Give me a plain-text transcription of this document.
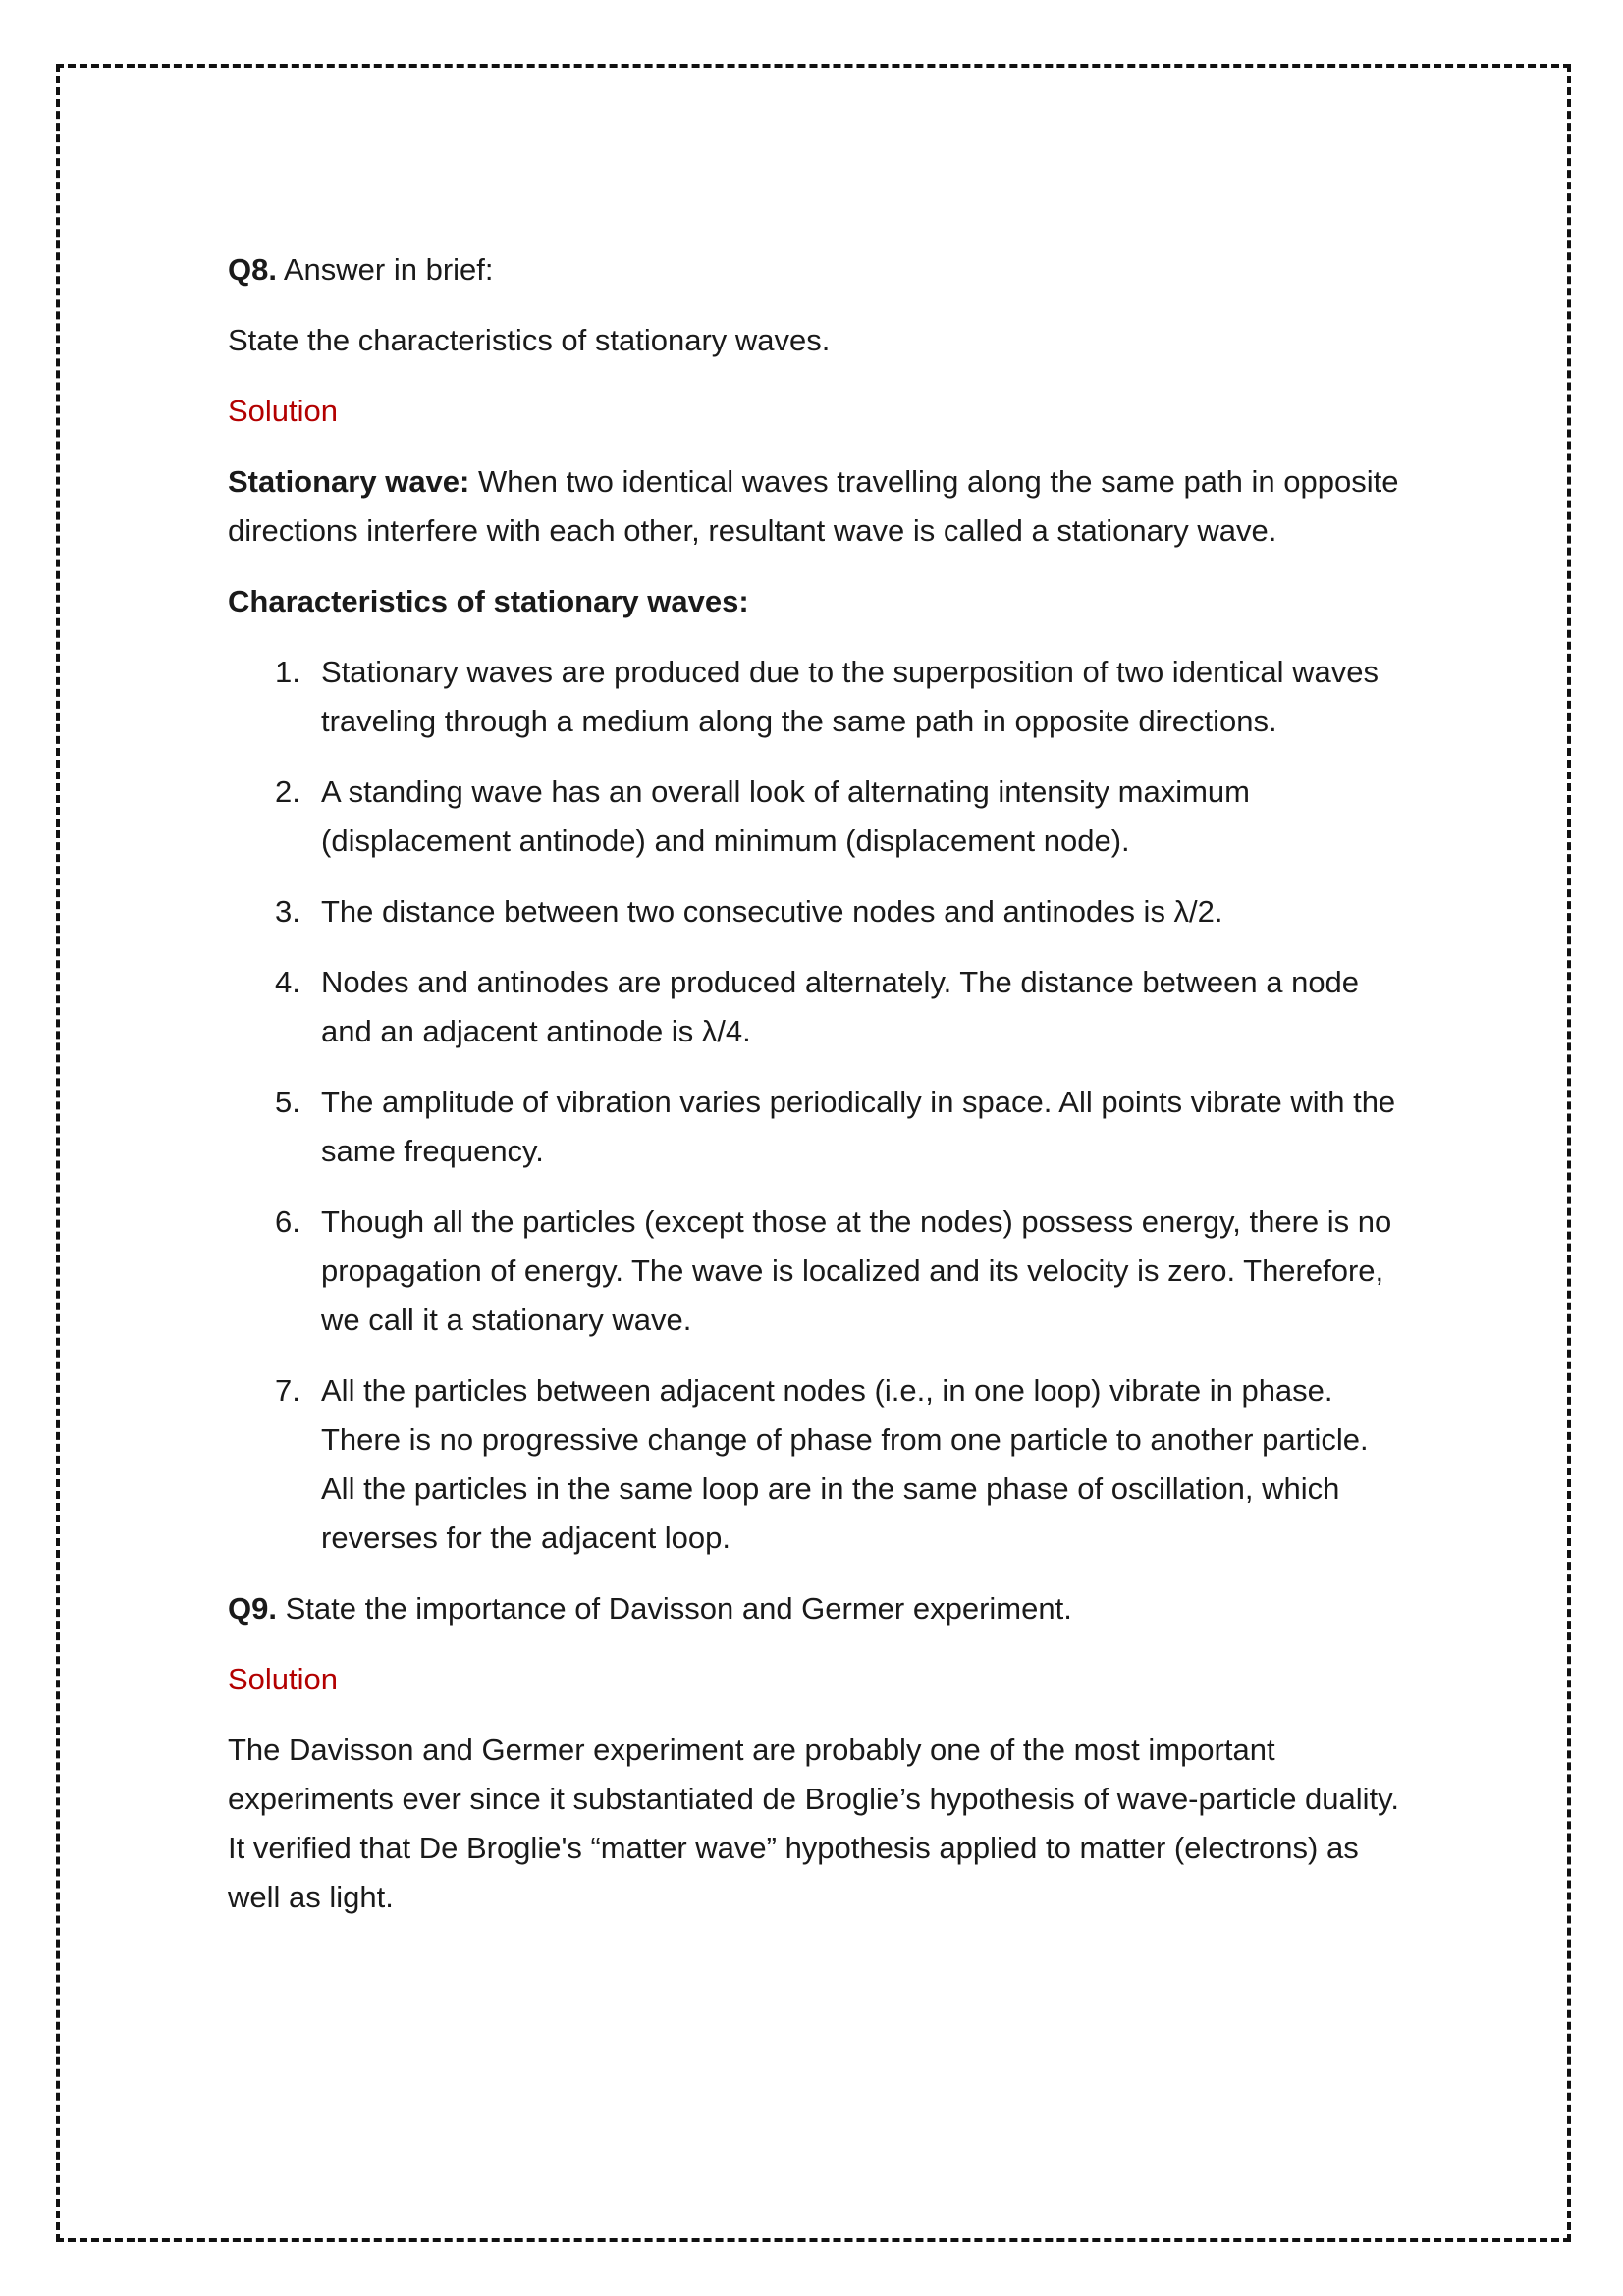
Q8. Answer in brief:

State the characteristics of stationary waves.

Solution

Stationary wave: When two identical waves travelling along the same path in opposite directions interfere with each other, resultant wave is called a stationary wave.

Characteristics of stationary waves:

1. Stationary waves are produced due to the superposition of two identical waves traveling through a medium along the same path in opposite directions.
2. A standing wave has an overall look of alternating intensity maximum (displacement antinode) and minimum (displacement node).
3. The distance between two consecutive nodes and antinodes is λ/2.
4. Nodes and antinodes are produced alternately. The distance between a node and an adjacent antinode is λ/4.
5. The amplitude of vibration varies periodically in space. All points vibrate with the same frequency.
6. Though all the particles (except those at the nodes) possess energy, there is no propagation of energy. The wave is localized and its velocity is zero. Therefore, we call it a stationary wave.
7. All the particles between adjacent nodes (i.e., in one loop) vibrate in phase. There is no progressive change of phase from one particle to another particle. All the particles in the same loop are in the same phase of oscillation, which reverses for the adjacent loop.

Q9. State the importance of Davisson and Germer experiment.

Solution

The Davisson and Germer experiment are probably one of the most important experiments ever since it substantiated de Broglie’s hypothesis of wave-particle duality. It verified that De Broglie's “matter wave” hypothesis applied to matter (electrons) as well as light.
